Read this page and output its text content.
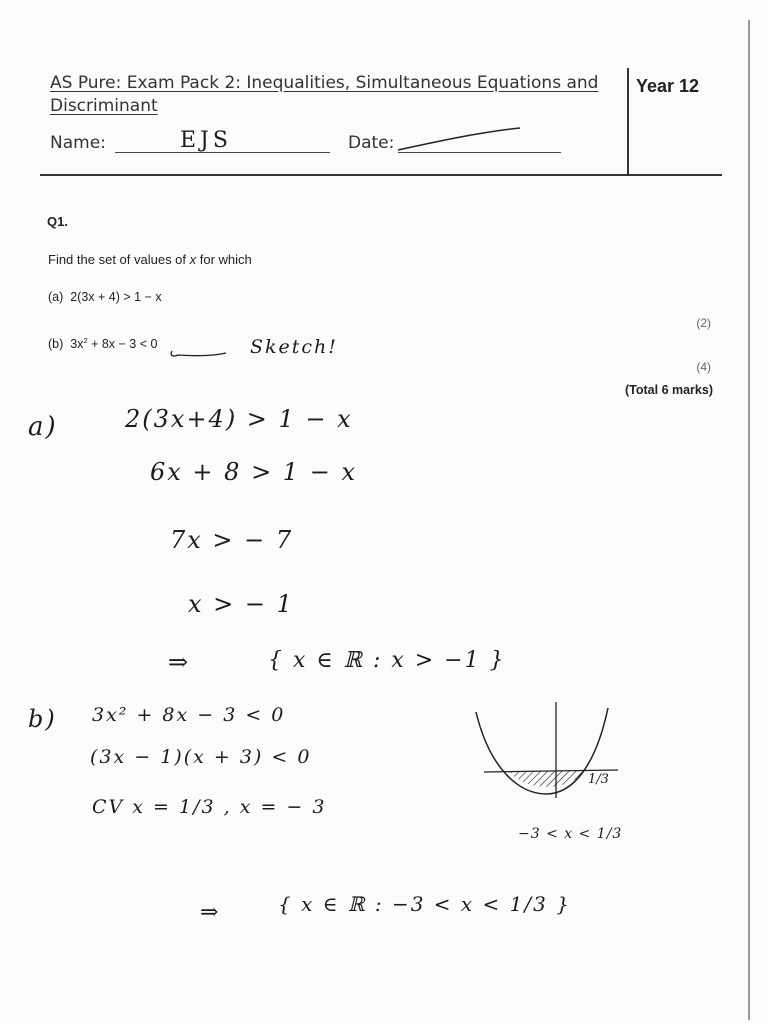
AS Pure: Exam Pack 2: Inequalities, Simultaneous Equations and Discriminant
Year 12
Name:	EJS	Date:
Q1.
Find the set of values of x for which
(a) 2(3x + 4) > 1 − x
(2)
(b) $3x^2 + 8x - 3 < 0$	Sketch!
(4)
(Total 6 marks)
a)	2(3x+4) > 1 − x
6x + 8 > 1 − x
7x > − 7
x > − 1
⇒	{ x ∈ ℝ : x > −1 }
b) 3x² + 8x − 3 < 0
(3x − 1)(x + 3) < 0
CV x = 1/3 , x = − 3
1/3
−3 < x < 1/3
⇒	{ x ∈ ℝ : −3 < x < 1/3 }
